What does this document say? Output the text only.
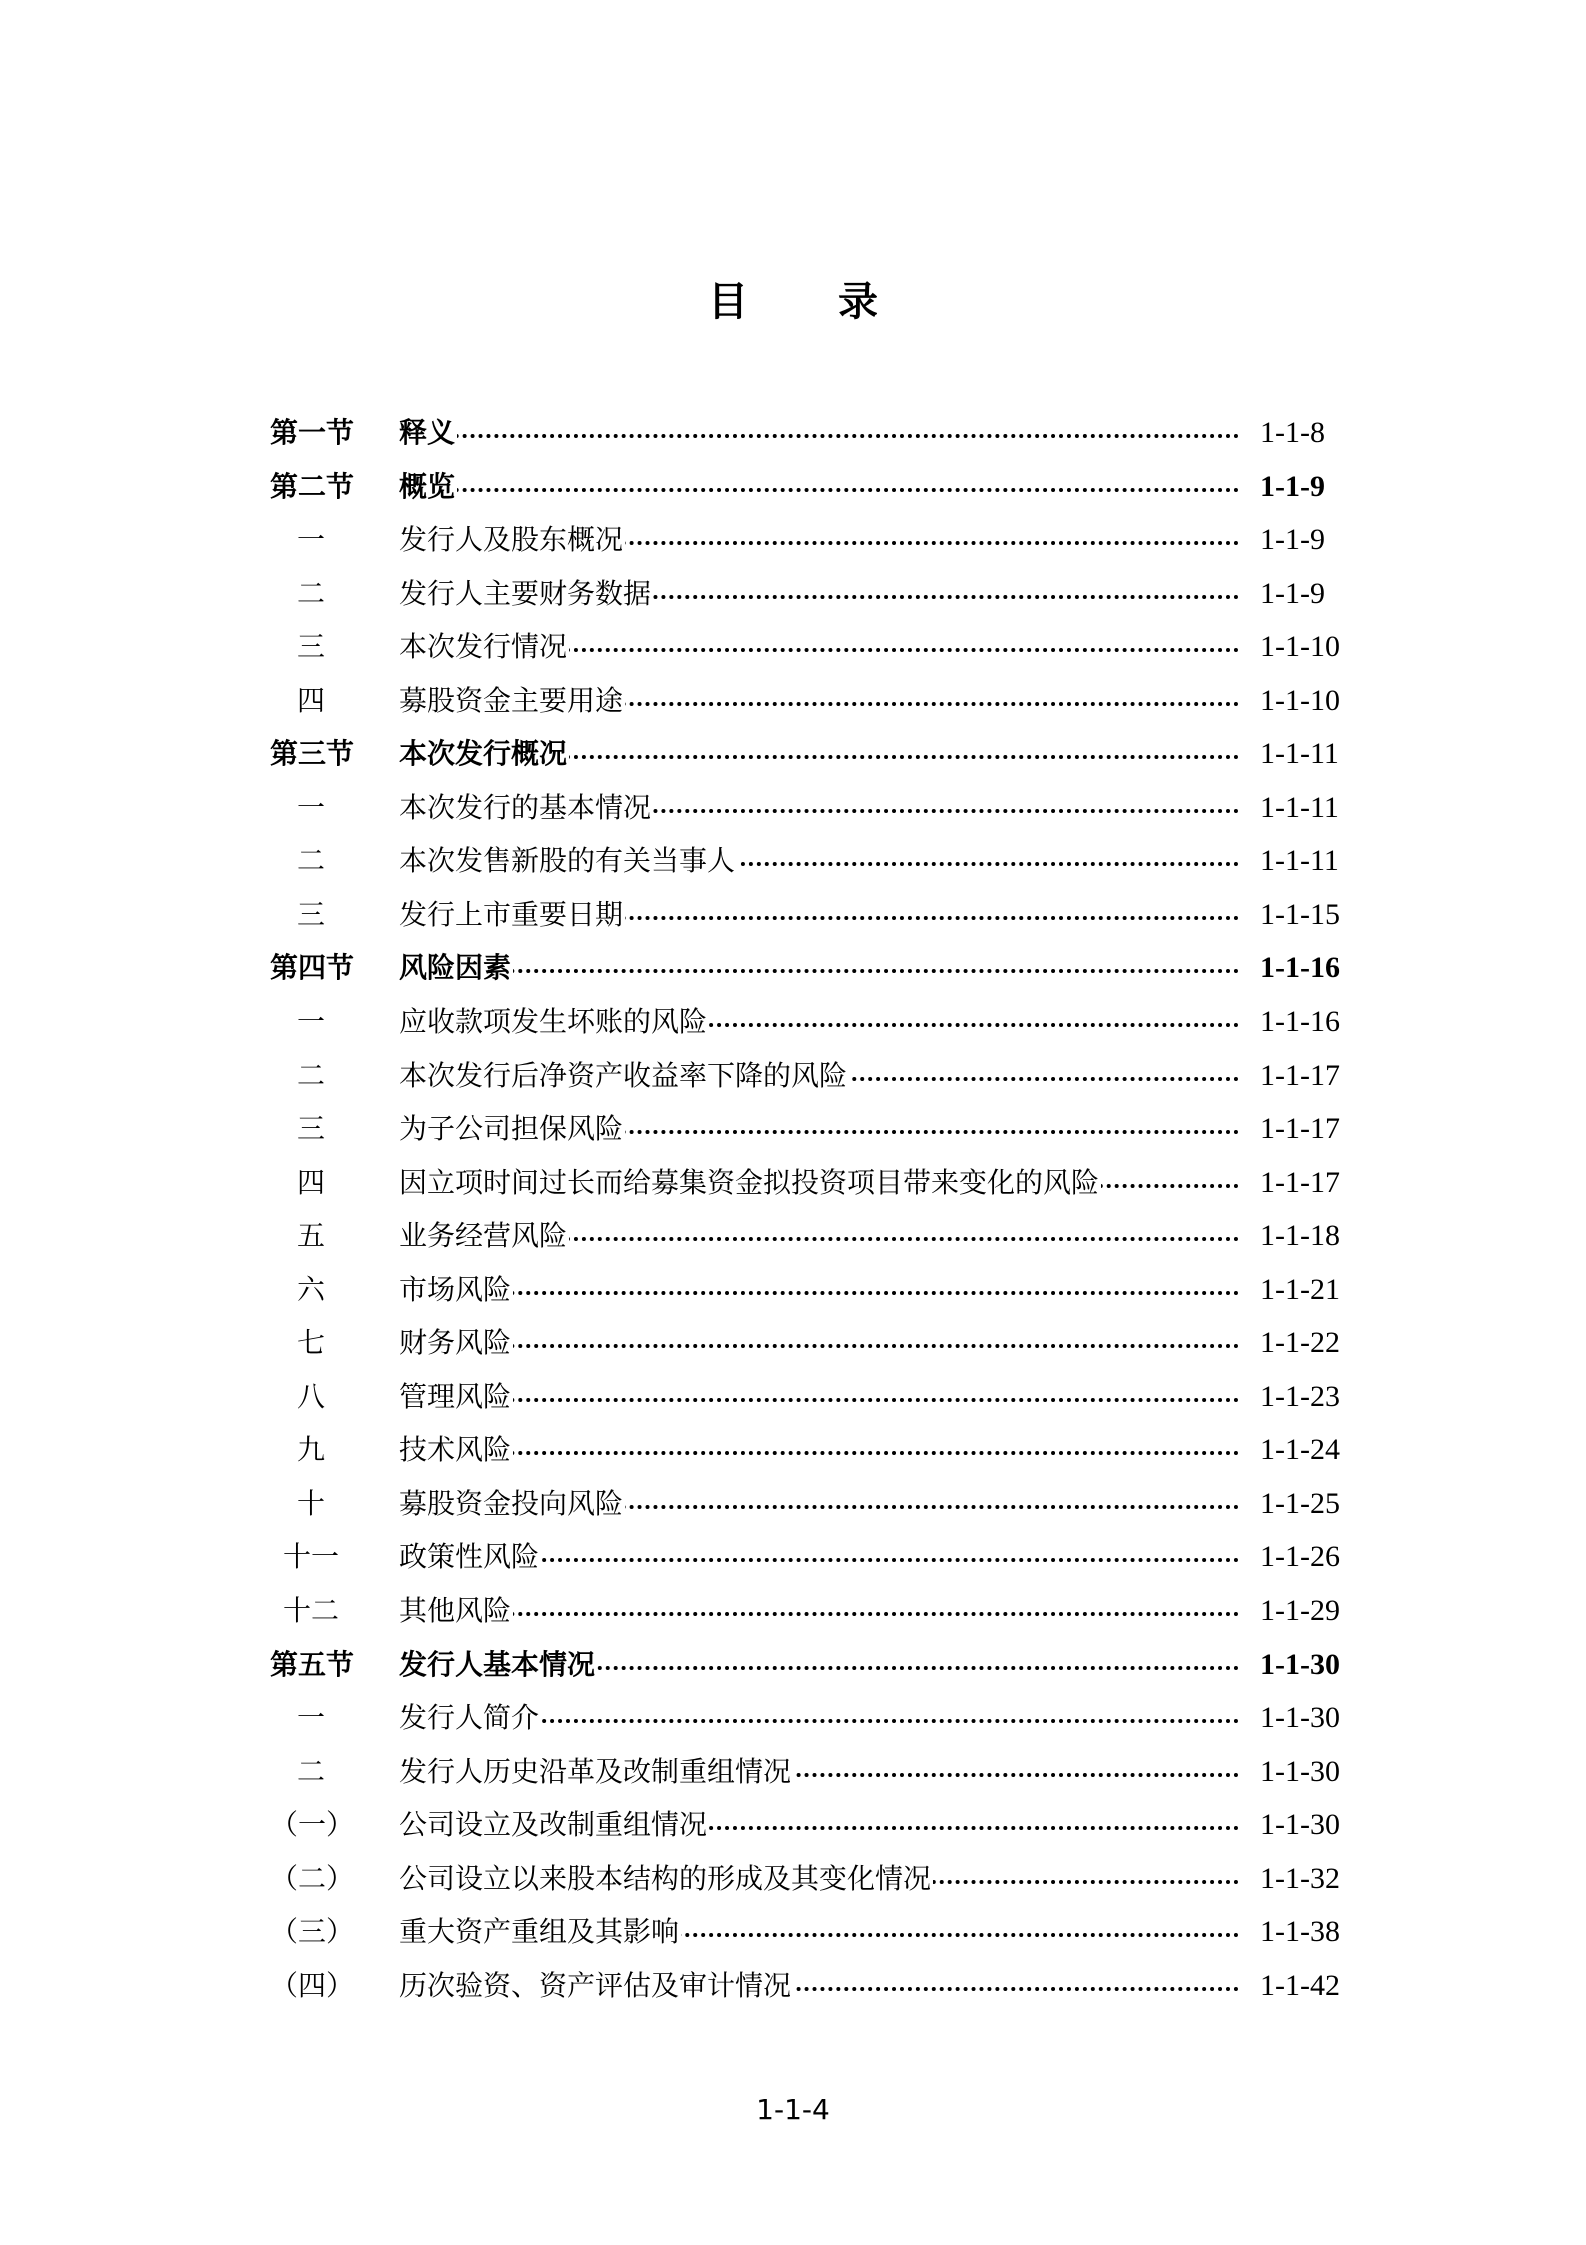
目 录
第一节	释义	1-1-8
第二节	概览	1-1-9
一	发行人及股东概况	1-1-9
二	发行人主要财务数据	1-1-9
三	本次发行情况	1-1-10
四	募股资金主要用途	1-1-10
第三节	本次发行概况	1-1-11
一	本次发行的基本情况	1-1-11
二	本次发售新股的有关当事人	1-1-11
三	发行上市重要日期	1-1-15
第四节	风险因素	1-1-16
一	应收款项发生坏账的风险	1-1-16
二	本次发行后净资产收益率下降的风险	1-1-17
三	为子公司担保风险	1-1-17
四	因立项时间过长而给募集资金拟投资项目带来变化的风险	1-1-17
五	业务经营风险	1-1-18
六	市场风险	1-1-21
七	财务风险	1-1-22
八	管理风险	1-1-23
九	技术风险	1-1-24
十	募股资金投向风险	1-1-25
十一	政策性风险	1-1-26
十二	其他风险	1-1-29
第五节	发行人基本情况	1-1-30
一	发行人简介	1-1-30
二	发行人历史沿革及改制重组情况	1-1-30
（一） 公司设立及改制重组情况	1-1-30
（二） 公司设立以来股本结构的形成及其变化情况	1-1-32
（三） 重大资产重组及其影响	1-1-38
（四） 历次验资、资产评估及审计情况	1-1-42
1-1-4
